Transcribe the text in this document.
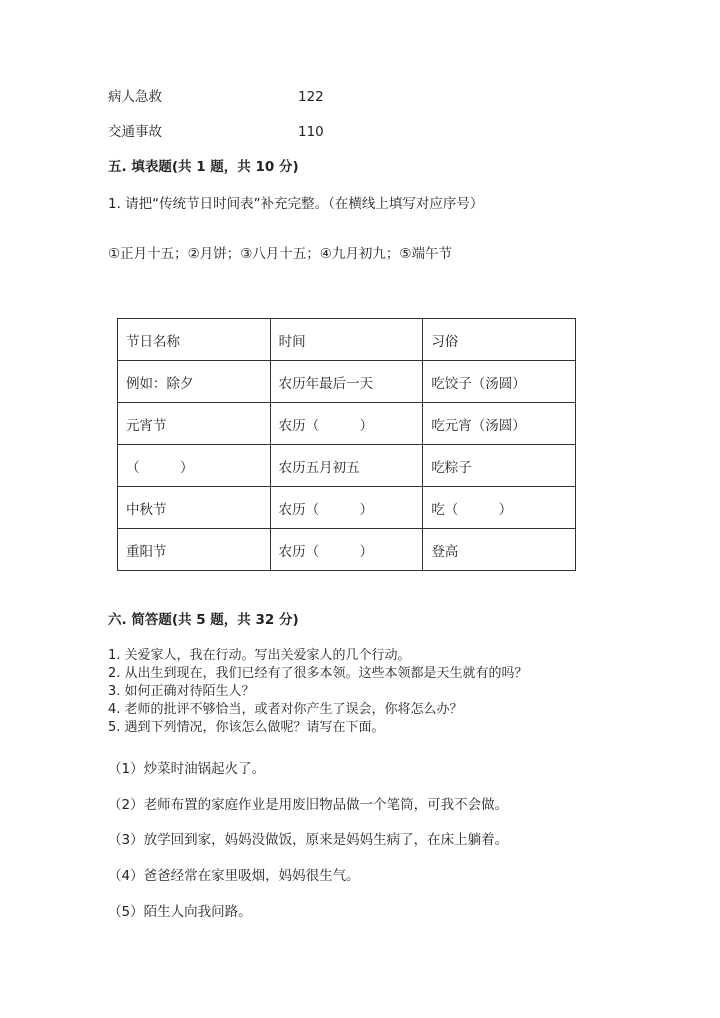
病人急救	122
交通事故	110
五. 填表题(共 1 题，共 10 分)
1. 请把“传统节日时间表”补充完整。（在横线上填写对应序号）
①正月十五；②月饼；③八月十五；④九月初九；⑤端午节
节日名称	时间	习俗
例如：除夕	农历年最后一天	吃饺子（汤圆）
元宵节	农历（　　　）	吃元宵（汤圆）
（　　　）	农历五月初五	吃粽子
中秋节	农历（　　　）	吃（　　　）
重阳节	农历（　　　）	登高
六. 简答题(共 5 题，共 32 分)
1. 关爱家人，我在行动。写出关爱家人的几个行动。
2. 从出生到现在，我们已经有了很多本领。这些本领都是天生就有的吗？
3. 如何正确对待陌生人？
4. 老师的批评不够恰当，或者对你产生了误会，你将怎么办？
5. 遇到下列情况，你该怎么做呢？请写在下面。
（1）炒菜时油锅起火了。
（2）老师布置的家庭作业是用废旧物品做一个笔筒，可我不会做。
（3）放学回到家，妈妈没做饭，原来是妈妈生病了，在床上躺着。
（4）爸爸经常在家里吸烟，妈妈很生气。
（5）陌生人向我问路。
